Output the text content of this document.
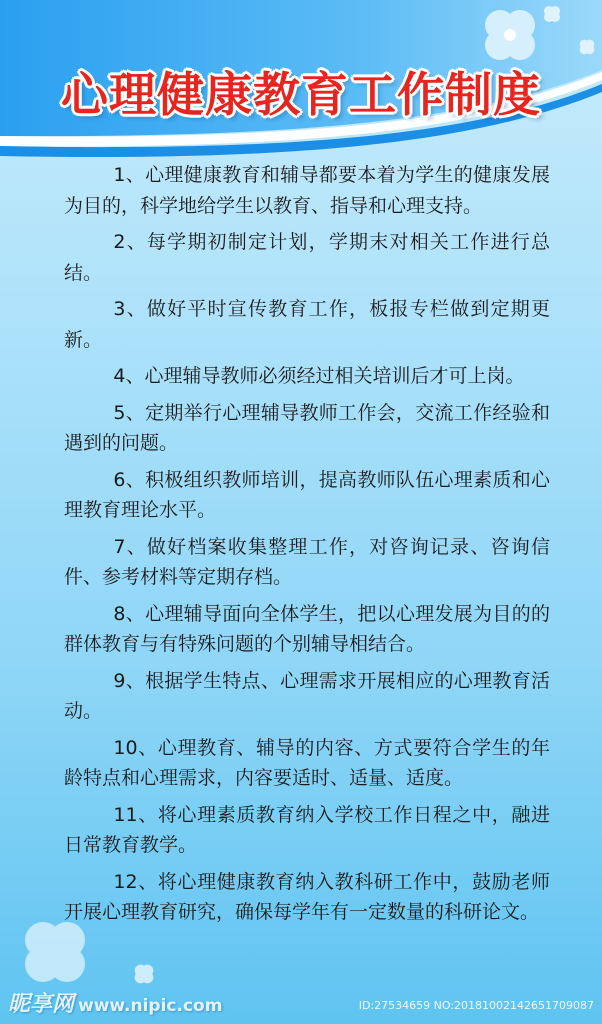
心理健康教育工作制度

1、心理健康教育和辅导都要本着为学生的健康发展为目的，科学地给学生以教育、指导和心理支持。

2、每学期初制定计划，学期末对相关工作进行总结。

3、做好平时宣传教育工作，板报专栏做到定期更新。

4、心理辅导教师必须经过相关培训后才可上岗。

5、定期举行心理辅导教师工作会，交流工作经验和遇到的问题。

6、积极组织教师培训，提高教师队伍心理素质和心理教育理论水平。

7、做好档案收集整理工作，对咨询记录、咨询信件、参考材料等定期存档。

8、心理辅导面向全体学生，把以心理发展为目的的群体教育与有特殊问题的个别辅导相结合。

9、根据学生特点、心理需求开展相应的心理教育活动。

10、心理教育、辅导的内容、方式要符合学生的年龄特点和心理需求，内容要适时、适量、适度。

11、将心理素质教育纳入学校工作日程之中，融进日常教育教学。

12、将心理健康教育纳入教科研工作中，鼓励老师开展心理教育研究，确保每学年有一定数量的科研论文。

昵享网 www.nipic.com	ID:27534659 NO:20181002142651709087
